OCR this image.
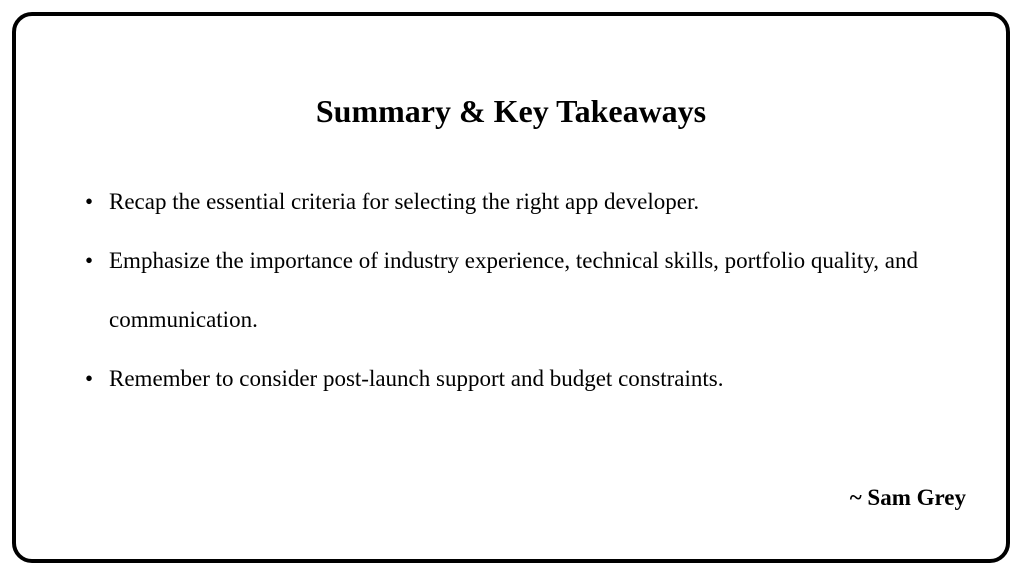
Summary & Key Takeaways
• Recap the essential criteria for selecting the right app developer.
• Emphasize the importance of industry experience, technical skills, portfolio quality, and communication.
• Remember to consider post-launch support and budget constraints.
~ Sam Grey
